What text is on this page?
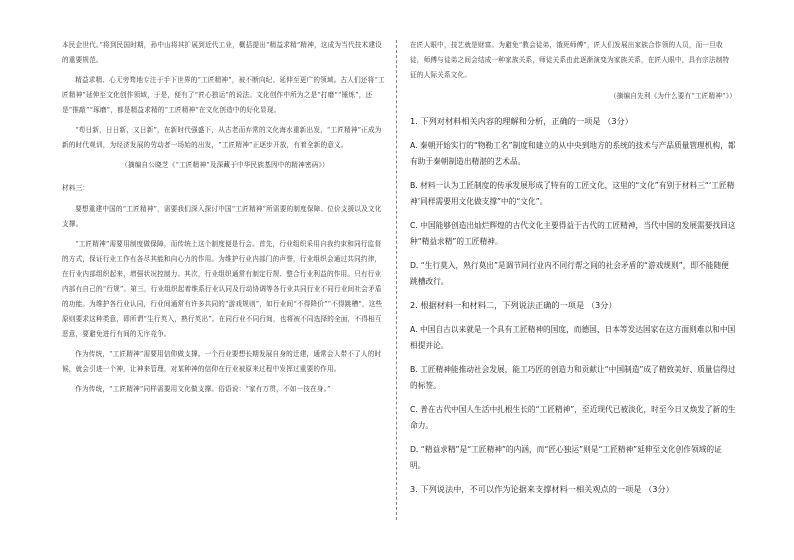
本民企世代。”将到民国时期，孙中山将其扩展到近代工业，概括提出“精益求精”精神，这成为当代技术建设的重要规范。

精益求精、心无旁骛地专注于手下世界的“工匠精神”，被不断向纪、延伸至更广的领域。古人们还将“工匠精神”延伸至文化创作领域，于是，便有了“匠心独运”的说法。文化创作中所为之是“打磨”“锤炼”，还是“推敲”“琢磨”，都是精益求精的“工匠精神”在文化创造中的好化显现。

“苟日新，日日新，又日新”，在新时代强盛下，从古老而弃常的文化海水重新出发，“工匠精神”正成为新的时代观训，为经济发展的劳动者一场始的出发，“工匠精神”正逐步开放，有着全新的意义。

（摘编自公晓芝《“工匠精神”及深藏于中华民族基因中的精神密码》）

材料三：

要想重建中国的“工匠精神”，需要我们深入探讨中国“工匠精神”所需要的制度保障、位价支援以及文化支撑。

“工匠精神”需要用制度做保障，而传统上这个制度便是行会。首先，行业组织采用自我约束和同行监督的方式，保证行业工作有各尽其能和向心力的作用。为维护行业内部门的声誉，行业组织会通过共同约律，在行业内部组织起来，增强状况控制力。其次，行业组织通常有制定行规、整合行业利益的作用。只有行业内部有自己的“行规”。第三，行业组织起着维系行业认同及行动协调等各行业共同行业不同行业间社会矛盾的功能。为维护各行业认同，行业间通常有许多共同的“游戏规则”，如行业间“不得降价”“不得跳槽”，这些原则要求这种类意，即所谓“生行英入，熟行英出”。在同行业不同行间，也将被不同选择的全面，不得相互恶意，要避免进行有间的无序竞争。

作为传统，“工匠精神”需要用信仰做支撑。一个行业要想长期发展自身的迁建，通常会人带不了人的时候，就会引进一个神，让神来管理，对某种神的信仰在行业被原来过程中发挥过重要的作用。

作为传统，“工匠精神”同样需要用文化做支撑。俗语说：“家有万贯，不如一技在身。”

在匠人眼中，技艺就是财富。为避免“教会徒弟，饿死师傅”，匠人们发展出家族合作领的人员，而一旦收徒，师傅与徒弟之间会结成一种家族关系，师徒关系由此逐渐演变为家族关系，在匠人眼中，具有宗法制特征的人际关系文化。

（摘编自先利《为什么要有“工匠精神”》）

1. 下列对材料相关内容的理解和分析，正确的一项是 （3分）

A. 秦朝开始实行的“物勒工名”制度和建立的从中央到地方的系统的技术与产品质量管理机构，都有助于秦朝制造出精湛的艺术品。

B. 材料一认为工匠制度的传承发展形成了特有的工匠文化，这里的“文化”有别于材料三“‘工匠精神’同样需要用文化做支撑”中的“文化”。

C. 中国能够创造出灿烂辉煌的古代文化主要得益于古代的工匠精神，当代中国的发展需要找回这种“精益求精”的工匠精神。

D. “生行莫入，熟行莫出”是调节同行业内不同行帮之间的社会矛盾的“游戏规则”，即不能随便跳槽改行。

2. 根据材料一和材料二，下列说法正确的一项是 （3分）

A. 中国自古以来就是一个具有工匠精神的国度，而德国、日本等发达国家在这方面则难以和中国相提并论。

B. 工匠精神能推动社会发展，能工巧匠的创造力和贡献让“中国制造”成了精致美好、质量信得过的标签。

C. 普在古代中国人生活中扎根生长的“工匠精神”，至近现代已被淡化，时至今日又焕发了新的生命力。

D. “精益求精”是“工匠精神”的内涵，而“匠心独运”则是“工匠精神”延伸至文化创作领域的证明。

3. 下列说法中，不可以作为论据来支撑材料一相关观点的一项是 （3分）
